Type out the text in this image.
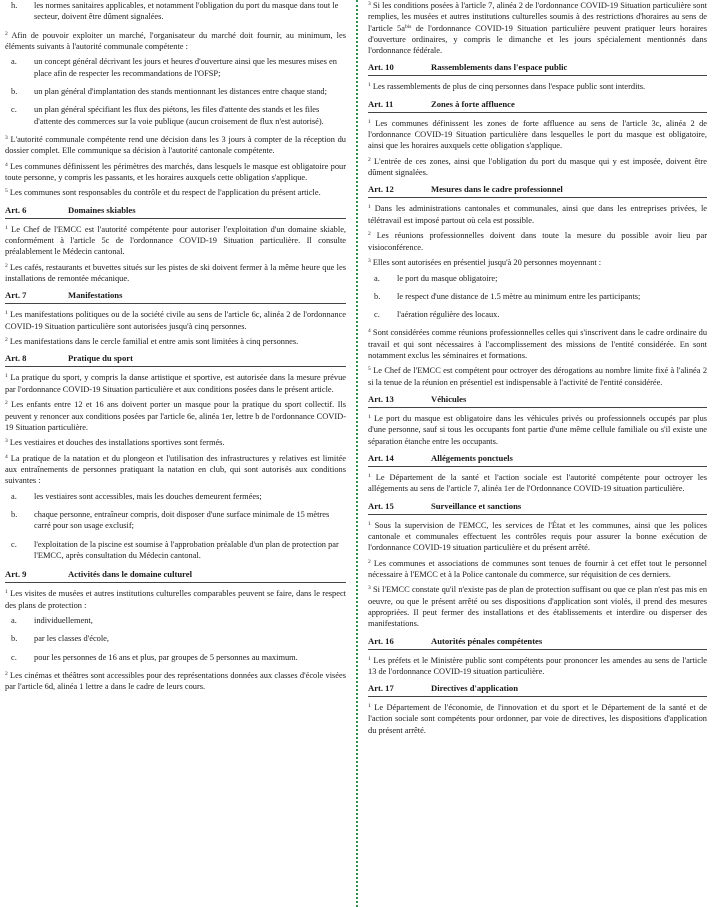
h.	les normes sanitaires applicables, et notamment l'obligation du port du masque dans tout le secteur, doivent être dûment signalées.

$^2$ Afin de pouvoir exploiter un marché, l'organisateur du marché doit fournir, au minimum, les éléments suivants à l'autorité communale compétente :

a.	un concept général décrivant les jours et heures d'ouverture ainsi que les mesures mises en place afin de respecter les recommandations de l'OFSP;
b.	un plan général d'implantation des stands mentionnant les distances entre chaque stand;
c.	un plan général spécifiant les flux des piétons, les files d'attente des stands et les files d'attente des commerces sur la voie publique (aucun croisement de flux n'est autorisé).

$^3$ L'autorité communale compétente rend une décision dans les 3 jours à compter de la réception du dossier complet. Elle communique sa décision à l'autorité cantonale compétente.

$^4$ Les communes définissent les périmètres des marchés, dans lesquels le masque est obligatoire pour toute personne, y compris les passants, et les horaires auxquels cette obligation s'applique.

$^5$ Les communes sont responsables du contrôle et du respect de l'application du présent article.

Art. 6	Domaines skiables

$^1$ Le Chef de l'EMCC est l'autorité compétente pour autoriser l'exploitation d'un domaine skiable, conformément à l'article 5c de l'ordonnance COVID-19 Situation particulière. Il consulte préalablement le Médecin cantonal.

$^2$ Les cafés, restaurants et buvettes situés sur les pistes de ski doivent fermer à la même heure que les installations de remontée mécanique.

Art. 7	Manifestations

$^1$ Les manifestations politiques ou de la société civile au sens de l'article 6c, alinéa 2 de l'ordonnance COVID-19 Situation particulière sont autorisées jusqu'à cinq personnes.

$^2$ Les manifestations dans le cercle familial et entre amis sont limitées à cinq personnes.

Art. 8	Pratique du sport

$^1$ La pratique du sport, y compris la danse artistique et sportive, est autorisée dans la mesure prévue par l'ordonnance COVID-19 Situation particulière et aux conditions posées dans le présent article.

$^2$ Les enfants entre 12 et 16 ans doivent porter un masque pour la pratique du sport collectif. Ils peuvent y renoncer aux conditions posées par l'article 6e, alinéa 1er, lettre b de l'ordonnance COVID-19 Situation particulière.

$^3$ Les vestiaires et douches des installations sportives sont fermés.

$^4$ La pratique de la natation et du plongeon et l'utilisation des infrastructures y relatives est limitée aux entraînements de personnes pratiquant la natation en club, qui sont autorisés aux conditions suivantes :

a.	les vestiaires sont accessibles, mais les douches demeurent fermées;
b.	chaque personne, entraîneur compris, doit disposer d'une surface minimale de 15 mètres carré pour son usage exclusif;
c.	l'exploitation de la piscine est soumise à l'approbation préalable d'un plan de protection par l'EMCC, après consultation du Médecin cantonal.
Art. 9	Activités dans le domaine culturel

$^1$ Les visites de musées et autres institutions culturelles comparables peuvent se faire, dans le respect des plans de protection :

a.	individuellement,
b.	par les classes d'école,
c.	pour les personnes de 16 ans et plus, par groupes de 5 personnes au maximum.

$^2$ Les cinémas et théâtres sont accessibles pour des représentations données aux classes d'école visées par l'article 6d, alinéa 1 lettre a dans le cadre de leurs cours.

$^3$ Si les conditions posées à l'article 7, alinéa 2 de l'ordonnance COVID-19 Situation particulière sont remplies, les musées et autres institutions culturelles soumis à des restrictions d'horaires au sens de l'article $5a^{bis}$ de l'ordonnance COVID-19 Situation particulière peuvent pratiquer leurs horaires d'ouverture ordinaires, y compris le dimanche et les jours spécialement mentionnés dans l'ordonnance fédérale.

Art. 10	Rassemblements dans l'espace public

$^1$ Les rassemblements de plus de cinq personnes dans l'espace public sont interdits.

Art. 11	Zones à forte affluence

$^1$ Les communes définissent les zones de forte affluence au sens de l'article 3c, alinéa 2 de l'ordonnance COVID-19 Situation particulière dans lesquelles le port du masque est obligatoire, ainsi que les horaires auxquels cette obligation s'applique.

$^2$ L'entrée de ces zones, ainsi que l'obligation du port du masque qui y est imposée, doivent être dûment signalées.

Art. 12	Mesures dans le cadre professionnel

$^1$ Dans les administrations cantonales et communales, ainsi que dans les entreprises privées, le télétravail est imposé partout où cela est possible.

$^2$ Les réunions professionnelles doivent dans toute la mesure du possible avoir lieu par visioconférence.

$^3$ Elles sont autorisées en présentiel jusqu'à 20 personnes moyennant :

a.	le port du masque obligatoire;
b.	le respect d'une distance de 1.5 mètre au minimum entre les participants;
c.	l'aération régulière des locaux.

$^4$ Sont considérées comme réunions professionnelles celles qui s'inscrivent dans le cadre ordinaire du travail et qui sont nécessaires à l'accomplissement des missions de l'entité considérée. En sont notamment exclus les séminaires et formations.

$^5$ Le Chef de l'EMCC est compétent pour octroyer des dérogations au nombre limite fixé à l'alinéa 2 si la tenue de la réunion en présentiel est indispensable à l'activité de l'entité considérée.

Art. 13	Véhicules

$^1$ Le port du masque est obligatoire dans les véhicules privés ou professionnels occupés par plus d'une personne, sauf si tous les occupants font partie d'une même cellule familiale ou s'il existe une séparation étanche entre les occupants.

Art. 14	Allégements ponctuels

$^1$ Le Département de la santé et l'action sociale est l'autorité compétente pour octroyer les allégements au sens de l'article 7, alinéa 1er de l'Ordonnance COVID-19 situation particulière.

Art. 15	Surveillance et sanctions

$^1$ Sous la supervision de l'EMCC, les services de l'État et les communes, ainsi que les polices cantonale et communales effectuent les contrôles requis pour assurer la bonne exécution de l'ordonnance COVID-19 situation particulière et du présent arrêté.

$^2$ Les communes et associations de communes sont tenues de fournir à cet effet tout le personnel nécessaire à l'EMCC et à la Police cantonale du commerce, sur réquisition de ces derniers.

$^3$ Si l'EMCC constate qu'il n'existe pas de plan de protection suffisant ou que ce plan n'est pas mis en oeuvre, ou que le présent arrêté ou ses dispositions d'application sont violés, il prend des mesures appropriées. Il peut fermer des installations et des établissements et interdire ou disperser des manifestations.

Art. 16	Autorités pénales compétentes

$^1$ Les préfets et le Ministère public sont compétents pour prononcer les amendes au sens de l'article 13 de l'ordonnance COVID-19 situation particulière.

Art. 17	Directives d'application

$^1$ Le Département de l'économie, de l'innovation et du sport et le Département de la santé et de l'action sociale sont compétents pour ordonner, par voie de directives, les dispositions d'application du présent arrêté.
